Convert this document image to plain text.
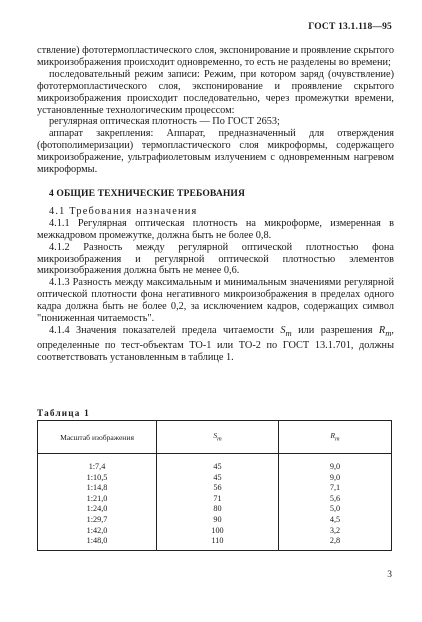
ГОСТ 13.1.118—95

ствление) фототермопластического слоя, экспонирование и проявление скрытого микроизображения происходит одновременно, то есть не разделены во времени;

последовательный режим записи: Режим, при котором заряд (очувствление) фототермопластического слоя, экспонирование и проявление скрытого микроизображения происходит последовательно, через промежутки времени, установленные технологическим процессом:

регулярная оптическая плотность — По ГОСТ 2653;

аппарат закрепления: Аппарат, предназначенный для отверждения (фотополимеризации) термопластического слоя микроформы, содержащего микроизображение, ультрафиолетовым излучением с одновременным нагревом микроформы.

4 ОБЩИЕ ТЕХНИЧЕСКИЕ ТРЕБОВАНИЯ

4.1 Требования назначения

4.1.1 Регулярная оптическая плотность на микроформе, измеренная в межкадровом промежутке, должна быть не более 0,8.

4.1.2 Разность между регулярной оптической плотностью фона микроизображения и регулярной оптической плотностью элементов микроизображения должна быть не менее 0,6.

4.1.3 Разность между максимальным и минимальным значениями регулярной оптической плотности фона негативного микроизображения в пределах одного кадра должна быть не более 0,2, за исключением кадров, содержащих символ "пониженная читаемость".

4.1.4 Значения показателей предела читаемости $S_m$ или разрешения $R_m$, определенные по тест-объектам ТО-1 или ТО-2 по ГОСТ 13.1.701, должны соответствовать установленным в таблице 1.

Таблица 1
Масштаб изображения	$S_m$	$R_m$
1:7,4	45	9,0
1:10,5	45	9,0
1:14,8	56	7,1
1:21,0	71	5,6
1:24,0	80	5,0
1:29,7	90	4,5
1:42,0	100	3,2
1:48,0	110	2,8
3
